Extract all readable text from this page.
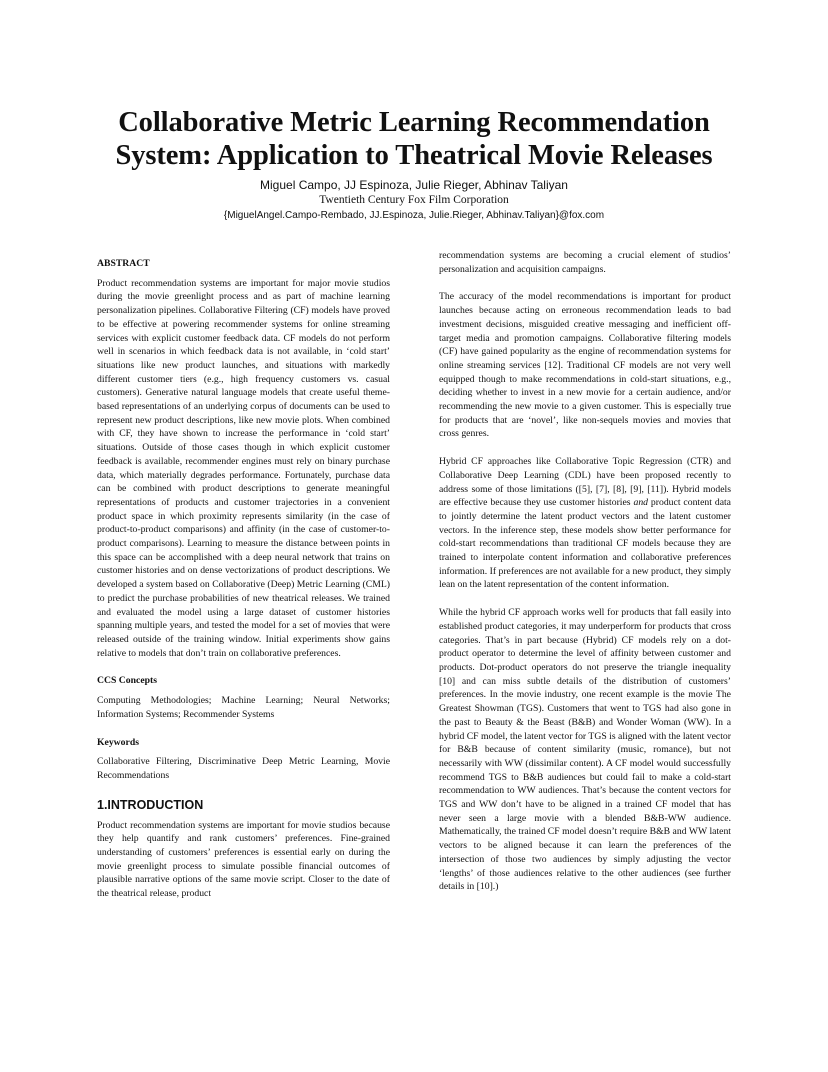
Collaborative Metric Learning Recommendation
System: Application to Theatrical Movie Releases
Miguel Campo, JJ Espinoza, Julie Rieger, Abhinav Taliyan
Twentieth Century Fox Film Corporation
{MiguelAngel.Campo-Rembado, JJ.Espinoza, Julie.Rieger, Abhinav.Taliyan}@fox.com
ABSTRACT

Product recommendation systems are important for major movie studios during the movie greenlight process and as part of machine learning personalization pipelines. Collaborative Filtering (CF) models have proved to be effective at powering recommender systems for online streaming services with explicit customer feedback data. CF models do not perform well in scenarios in which feedback data is not available, in ‘cold start’ situations like new product launches, and situations with markedly different customer tiers (e.g., high frequency customers vs. casual customers). Generative natural language models that create useful theme-based representations of an underlying corpus of documents can be used to represent new product descriptions, like new movie plots. When combined with CF, they have shown to increase the performance in ‘cold start’ situations. Outside of those cases though in which explicit customer feedback is available, recommender engines must rely on binary purchase data, which materially degrades performance. Fortunately, purchase data can be combined with product descriptions to generate meaningful representations of products and customer trajectories in a convenient product space in which proximity represents similarity (in the case of product-to-product comparisons) and affinity (in the case of customer-to-product comparisons). Learning to measure the distance between points in this space can be accomplished with a deep neural network that trains on customer histories and on dense vectorizations of product descriptions. We developed a system based on Collaborative (Deep) Metric Learning (CML) to predict the purchase probabilities of new theatrical releases. We trained and evaluated the model using a large dataset of customer histories spanning multiple years, and tested the model for a set of movies that were released outside of the training window. Initial experiments show gains relative to models that don’t train on collaborative preferences.

CCS Concepts

Computing Methodologies; Machine Learning; Neural Networks; Information Systems; Recommender Systems

Keywords

Collaborative Filtering, Discriminative Deep Metric Learning, Movie Recommendations

1.INTRODUCTION

Product recommendation systems are important for movie studios because they help quantify and rank customers’ preferences. Fine-grained understanding of customers’ preferences is essential early on during the movie greenlight process to simulate possible financial outcomes of plausible narrative options of the same movie script. Closer to the date of the theatrical release, product

recommendation systems are becoming a crucial element of studios’ personalization and acquisition campaigns.

The accuracy of the model recommendations is important for product launches because acting on erroneous recommendation leads to bad investment decisions, misguided creative messaging and inefficient off-target media and promotion campaigns. Collaborative filtering models (CF) have gained popularity as the engine of recommendation systems for online streaming services [12]. Traditional CF models are not very well equipped though to make recommendations in cold-start situations, e.g., deciding whether to invest in a new movie for a certain audience, and/or recommending the new movie to a given customer. This is especially true for products that are ‘novel’, like non-sequels movies and movies that cross genres.

Hybrid CF approaches like Collaborative Topic Regression (CTR) and Collaborative Deep Learning (CDL) have been proposed recently to address some of those limitations ([5], [7], [8], [9], [11]). Hybrid models are effective because they use customer histories and product content data to jointly determine the latent product vectors and the latent customer vectors. In the inference step, these models show better performance for cold-start recommendations than traditional CF models because they are trained to interpolate content information and collaborative preferences information. If preferences are not available for a new product, they simply lean on the latent representation of the content information.

While the hybrid CF approach works well for products that fall easily into established product categories, it may underperform for products that cross categories. That’s in part because (Hybrid) CF models rely on a dot-product operator to determine the level of affinity between customer and products. Dot-product operators do not preserve the triangle inequality [10] and can miss subtle details of the distribution of customers’ preferences. In the movie industry, one recent example is the movie The Greatest Showman (TGS). Customers that went to TGS had also gone in the past to Beauty & the Beast (B&B) and Wonder Woman (WW). In a hybrid CF model, the latent vector for TGS is aligned with the latent vector for B&B because of content similarity (music, romance), but not necessarily with WW (dissimilar content). A CF model would successfully recommend TGS to B&B audiences but could fail to make a cold-start recommendation to WW audiences. That’s because the content vectors for TGS and WW don’t have to be aligned in a trained CF model that has never seen a large movie with a blended B&B-WW audience. Mathematically, the trained CF model doesn’t require B&B and WW latent vectors to be aligned because it can learn the preferences of the intersection of those two audiences by simply adjusting the vector ‘lengths’ of those audiences relative to the other audiences (see further details in [10].)
